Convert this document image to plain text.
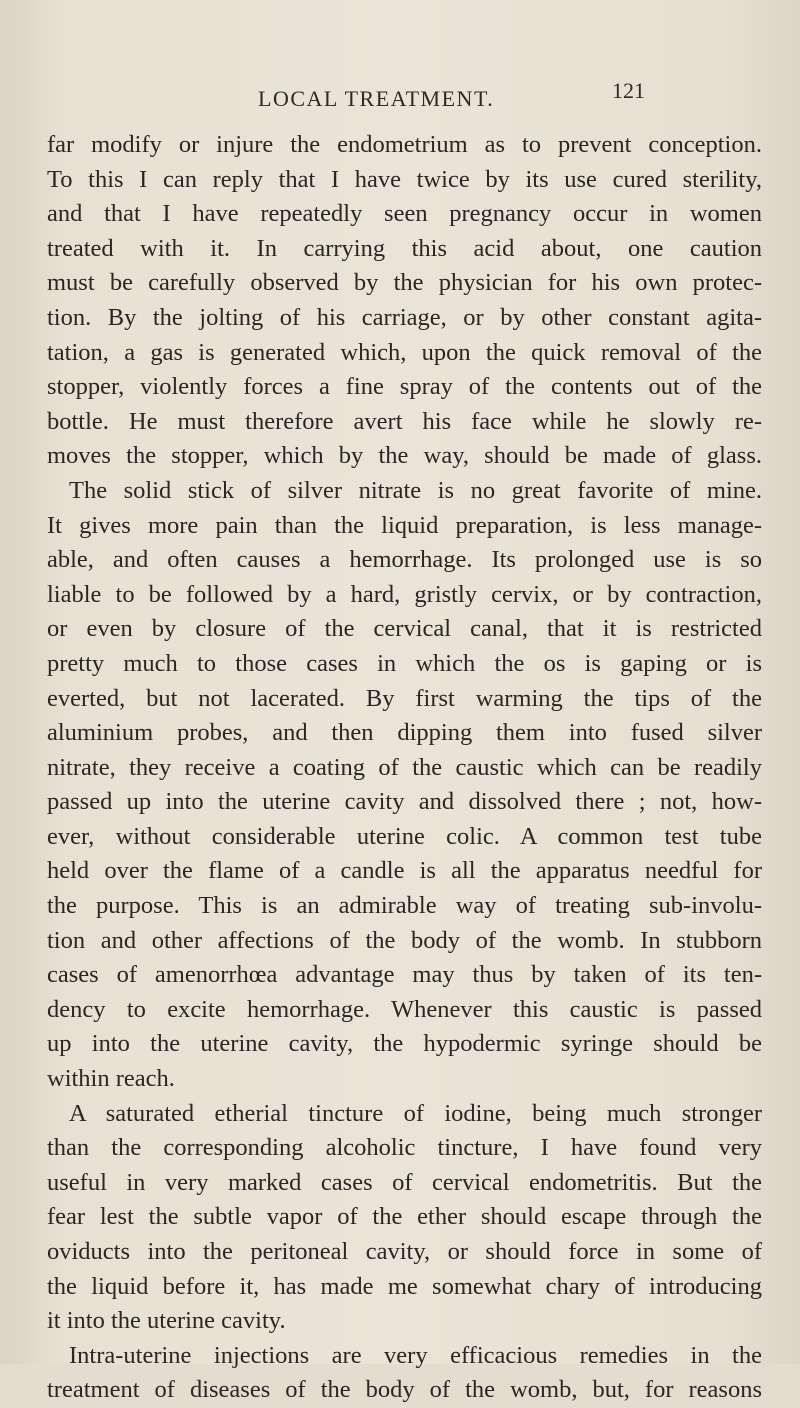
LOCAL TREATMENT.	121
far modify or injure the endometrium as to prevent conception.
To this I can reply that I have twice by its use cured sterility,
and that I have repeatedly seen pregnancy occur in women
treated with it. In carrying this acid about, one caution
must be carefully observed by the physician for his own protec-
tion. By the jolting of his carriage, or by other constant agita-
tation, a gas is generated which, upon the quick removal of the
stopper, violently forces a fine spray of the contents out of the
bottle. He must therefore avert his face while he slowly re-
moves the stopper, which by the way, should be made of glass.
The solid stick of silver nitrate is no great favorite of mine.
It gives more pain than the liquid preparation, is less manage-
able, and often causes a hemorrhage. Its prolonged use is so
liable to be followed by a hard, gristly cervix, or by contraction,
or even by closure of the cervical canal, that it is restricted
pretty much to those cases in which the os is gaping or is
everted, but not lacerated. By first warming the tips of the
aluminium probes, and then dipping them into fused silver
nitrate, they receive a coating of the caustic which can be readily
passed up into the uterine cavity and dissolved there ; not, how-
ever, without considerable uterine colic. A common test tube
held over the flame of a candle is all the apparatus needful for
the purpose. This is an admirable way of treating sub-involu-
tion and other affections of the body of the womb. In stubborn
cases of amenorrhœa advantage may thus by taken of its ten-
dency to excite hemorrhage. Whenever this caustic is passed
up into the uterine cavity, the hypodermic syringe should be
within reach.
A saturated etherial tincture of iodine, being much stronger
than the corresponding alcoholic tincture, I have found very
useful in very marked cases of cervical endometritis. But the
fear lest the subtle vapor of the ether should escape through the
oviducts into the peritoneal cavity, or should force in some of
the liquid before it, has made me somewhat chary of introducing
it into the uterine cavity.
Intra-uterine injections are very efficacious remedies in the
treatment of diseases of the body of the womb, but, for reasons
